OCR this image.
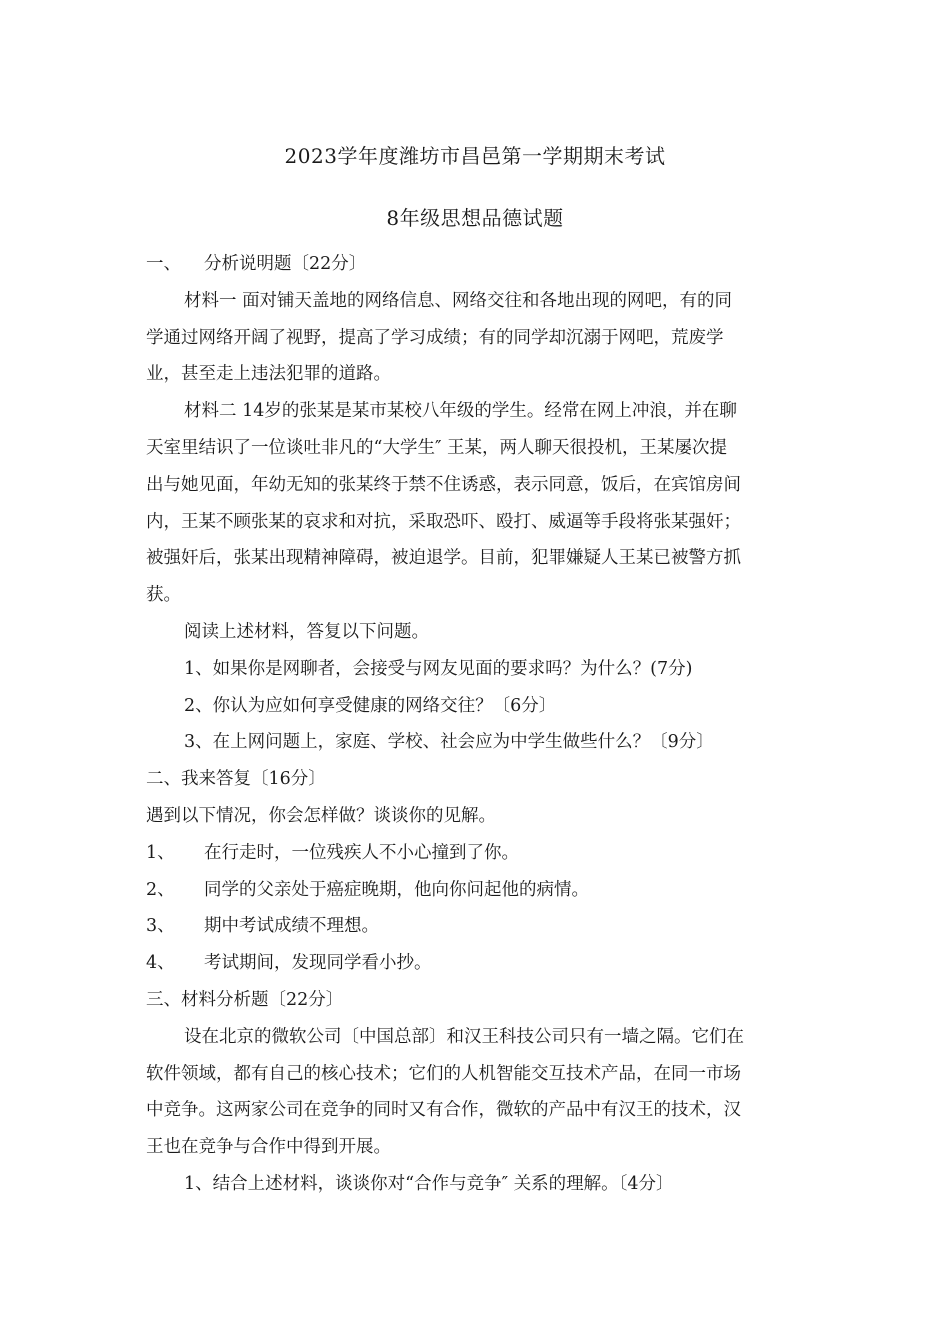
2023学年度潍坊市昌邑第一学期期末考试
8年级思想品德试题
一、 分析说明题〔22分〕
材料一 面对铺天盖地的网络信息、网络交往和各地出现的网吧，有的同
学通过网络开阔了视野，提高了学习成绩；有的同学却沉溺于网吧，荒废学
业，甚至走上违法犯罪的道路。
材料二 14岁的张某是某市某校八年级的学生。经常在网上冲浪，并在聊
天室里结识了一位谈吐非凡的“大学生″ 王某，两人聊天很投机，王某屡次提
出与她见面，年幼无知的张某终于禁不住诱惑，表示同意，饭后，在宾馆房间
内，王某不顾张某的哀求和对抗，采取恐吓、殴打、威逼等手段将张某强奸；
被强奸后，张某出现精神障碍，被迫退学。目前，犯罪嫌疑人王某已被警方抓
获。
阅读上述材料，答复以下问题。
1、如果你是网聊者，会接受与网友见面的要求吗？为什么？(7分)
2、你认为应如何享受健康的网络交往？〔6分〕
3、在上网问题上，家庭、学校、社会应为中学生做些什么？〔9分〕
二、我来答复〔16分〕
遇到以下情况，你会怎样做？谈谈你的见解。
1、 在行走时，一位残疾人不小心撞到了你。
2、 同学的父亲处于癌症晚期，他向你问起他的病情。
3、 期中考试成绩不理想。
4、 考试期间，发现同学看小抄。
三、材料分析题〔22分〕
设在北京的微软公司〔中国总部〕和汉王科技公司只有一墙之隔。它们在
软件领域，都有自己的核心技术；它们的人机智能交互技术产品，在同一市场
中竞争。这两家公司在竞争的同时又有合作，微软的产品中有汉王的技术，汉
王也在竞争与合作中得到开展。
1、结合上述材料，谈谈你对“合作与竞争″ 关系的理解。〔4分〕
